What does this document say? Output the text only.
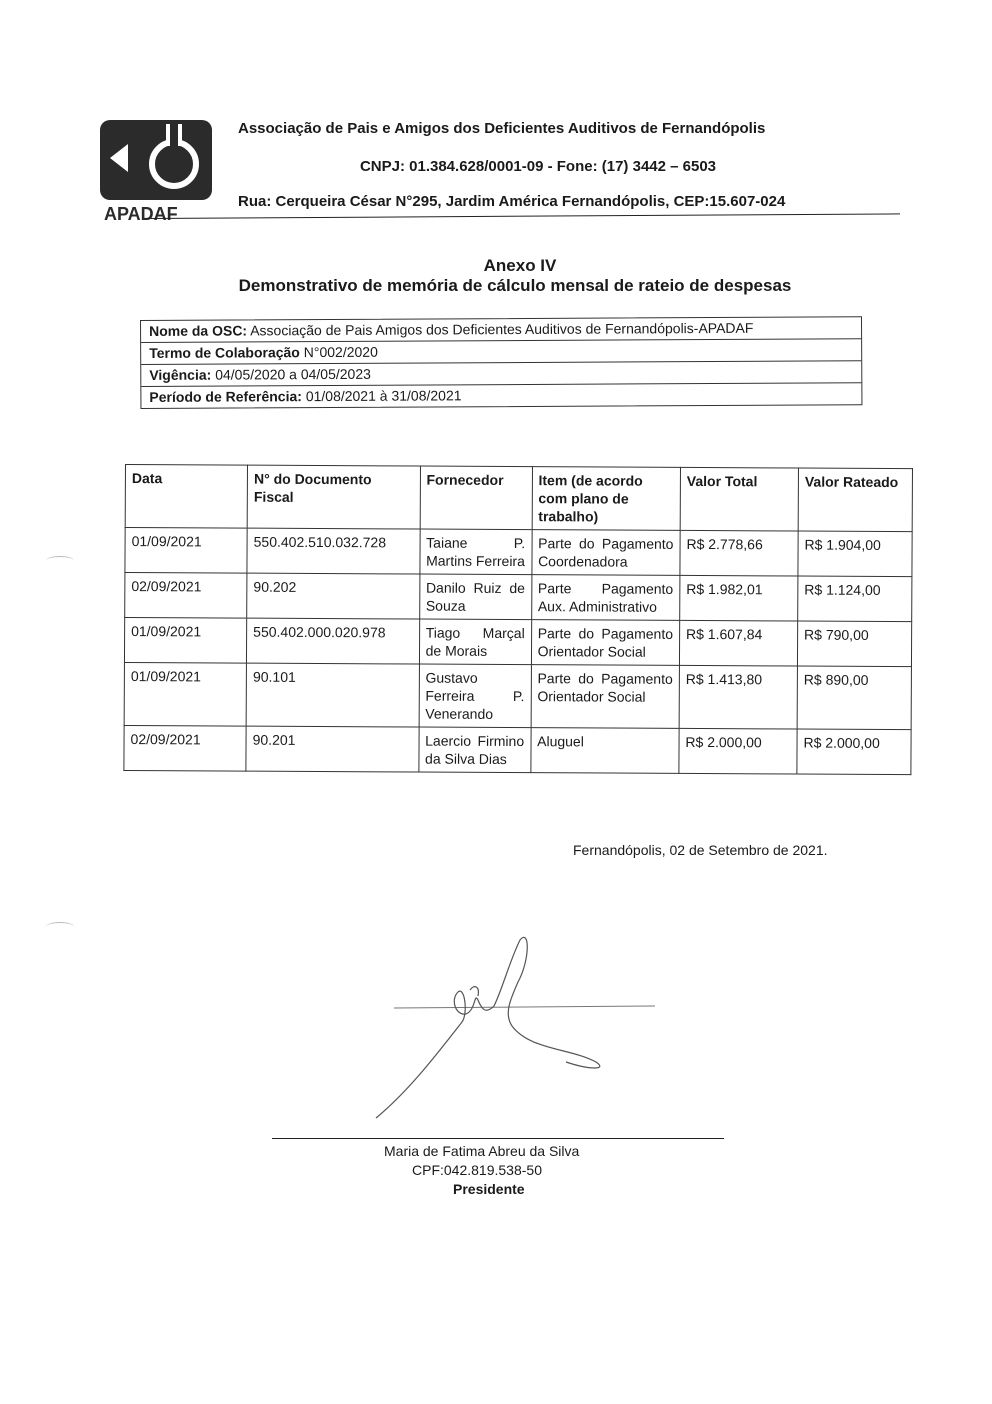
A
APADAF
Associação de Pais e Amigos dos Deficientes Auditivos de Fernandópolis
CNPJ: 01.384.628/0001-09 - Fone: (17) 3442 – 6503
Rua: Cerqueira César N°295, Jardim América Fernandópolis, CEP:15.607-024
Anexo IV
Demonstrativo de memória de cálculo mensal de rateio de despesas
Nome da OSC: Associação de Pais Amigos dos Deficientes Auditivos de Fernandópolis-APADAF
Termo de Colaboração N°002/2020
Vigência: 04/05/2020 a 04/05/2023
Período de Referência: 01/08/2021 à 31/08/2021
Data	N° do Documento Fiscal	Fornecedor	Item (de acordo com plano de trabalho)	Valor Total	Valor Rateado
01/09/2021	550.402.510.032.728	Taiane P. Martins Ferreira	Parte do Pagamento Coordenadora	R$ 2.778,66	R$ 1.904,00
02/09/2021	90.202	Danilo Ruiz de Souza	Parte Pagamento Aux. Administrativo	R$ 1.982,01	R$ 1.124,00
01/09/2021	550.402.000.020.978	Tiago Marçal de Morais	Parte do Pagamento Orientador Social	R$ 1.607,84	R$ 790,00
01/09/2021	90.101	Gustavo Ferreira P. Venerando	Parte do Pagamento Orientador Social	R$ 1.413,80	R$ 890,00
02/09/2021	90.201	Laercio Firmino da Silva Dias	Aluguel	R$ 2.000,00	R$ 2.000,00
Fernandópolis, 02 de Setembro de 2021.
Maria de Fatima Abreu da Silva
CPF:042.819.538-50
Presidente
